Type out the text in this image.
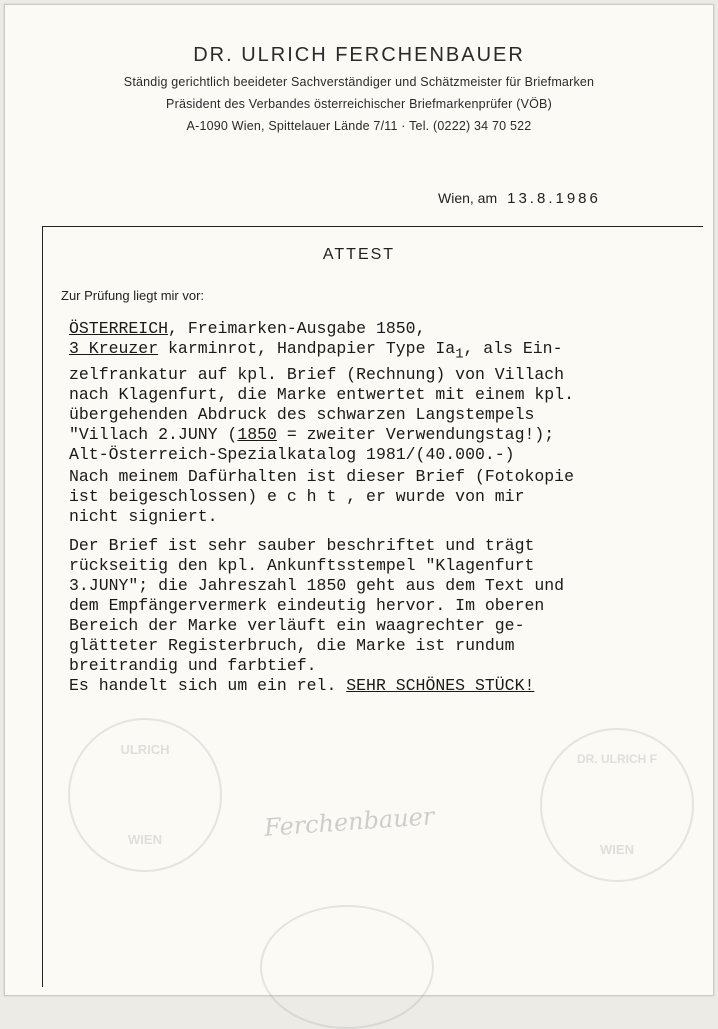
DR. ULRICH FERCHENBAUER
Ständig gerichtlich beeideter Sachverständiger und Schätzmeister für Briefmarken
Präsident des Verbandes österreichischer Briefmarkenprüfer (VÖB)
A-1090 Wien, Spittelauer Lände 7/11 · Tel. (0222) 34 70 522
Wien, am 13.8.1986
ATTEST
Zur Prüfung liegt mir vor:
ÖSTERREICH, Freimarken-Ausgabe 1850,
3 Kreuzer karminrot, Handpapier Type $Ia_1$, als Ein-
zelfrankatur auf kpl. Brief (Rechnung) von Villach
nach Klagenfurt, die Marke entwertet mit einem kpl.
übergehenden Abdruck des schwarzen Langstempels
"Villach 2.JUNY (1850 = zweiter Verwendungstag!);
Alt-Österreich-Spezialkatalog 1981/(40.000.-)
Nach meinem Dafürhalten ist dieser Brief (Fotokopie
ist beigeschlossen) e c h t , er wurde von mir
nicht signiert.
Der Brief ist sehr sauber beschriftet und trägt
rückseitig den kpl. Ankunftsstempel "Klagenfurt
3.JUNY"; die Jahreszahl 1850 geht aus dem Text und
dem Empfängervermerk eindeutig hervor. Im oberen
Bereich der Marke verläuft ein waagrechter ge-
glätteter Registerbruch, die Marke ist rundum
breitrandig und farbtief.
Es handelt sich um ein rel. SEHR SCHÖNES STÜCK!
ULRICH
WIEN
DR. ULRICH F
WIEN
Ferchenbauer
